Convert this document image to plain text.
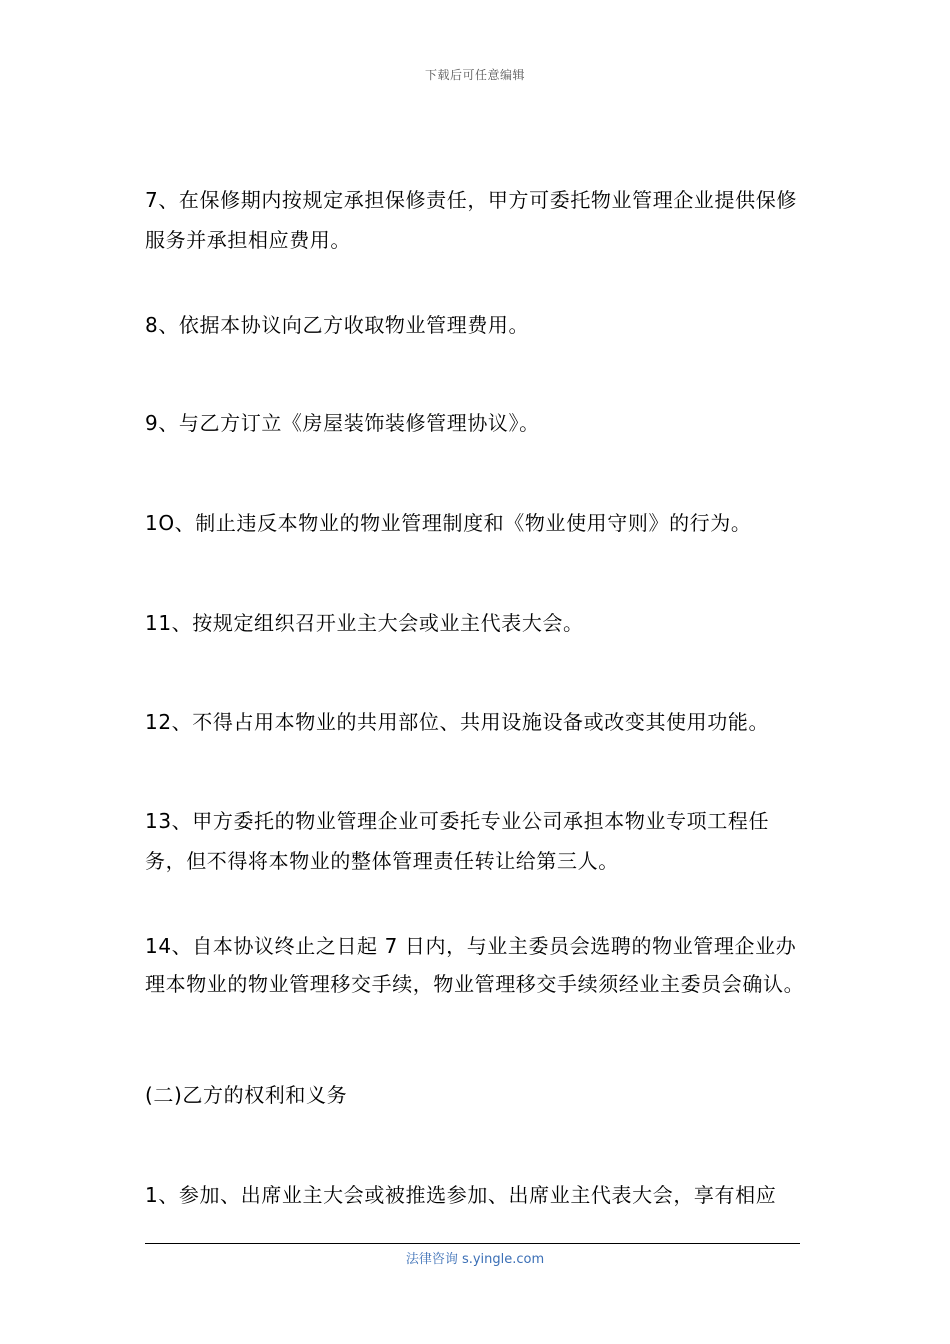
下载后可任意编辑

7、在保修期内按规定承担保修责任，甲方可委托物业管理企业提供保修服务并承担相应费用。

8、依据本协议向乙方收取物业管理费用。

9、与乙方订立《房屋装饰装修管理协议》。

1O、制止违反本物业的物业管理制度和《物业使用守则》的行为。

11、按规定组织召开业主大会或业主代表大会。

12、不得占用本物业的共用部位、共用设施设备或改变其使用功能。

13、甲方委托的物业管理企业可委托专业公司承担本物业专项工程任务，但不得将本物业的整体管理责任转让给第三人。

14、自本协议终止之日起 7 日内，与业主委员会选聘的物业管理企业办理本物业的物业管理移交手续，物业管理移交手续须经业主委员会确认。

(二)乙方的权利和义务

1、参加、出席业主大会或被推选参加、出席业主代表大会，享有相应

法律咨询 s.yingle.com
